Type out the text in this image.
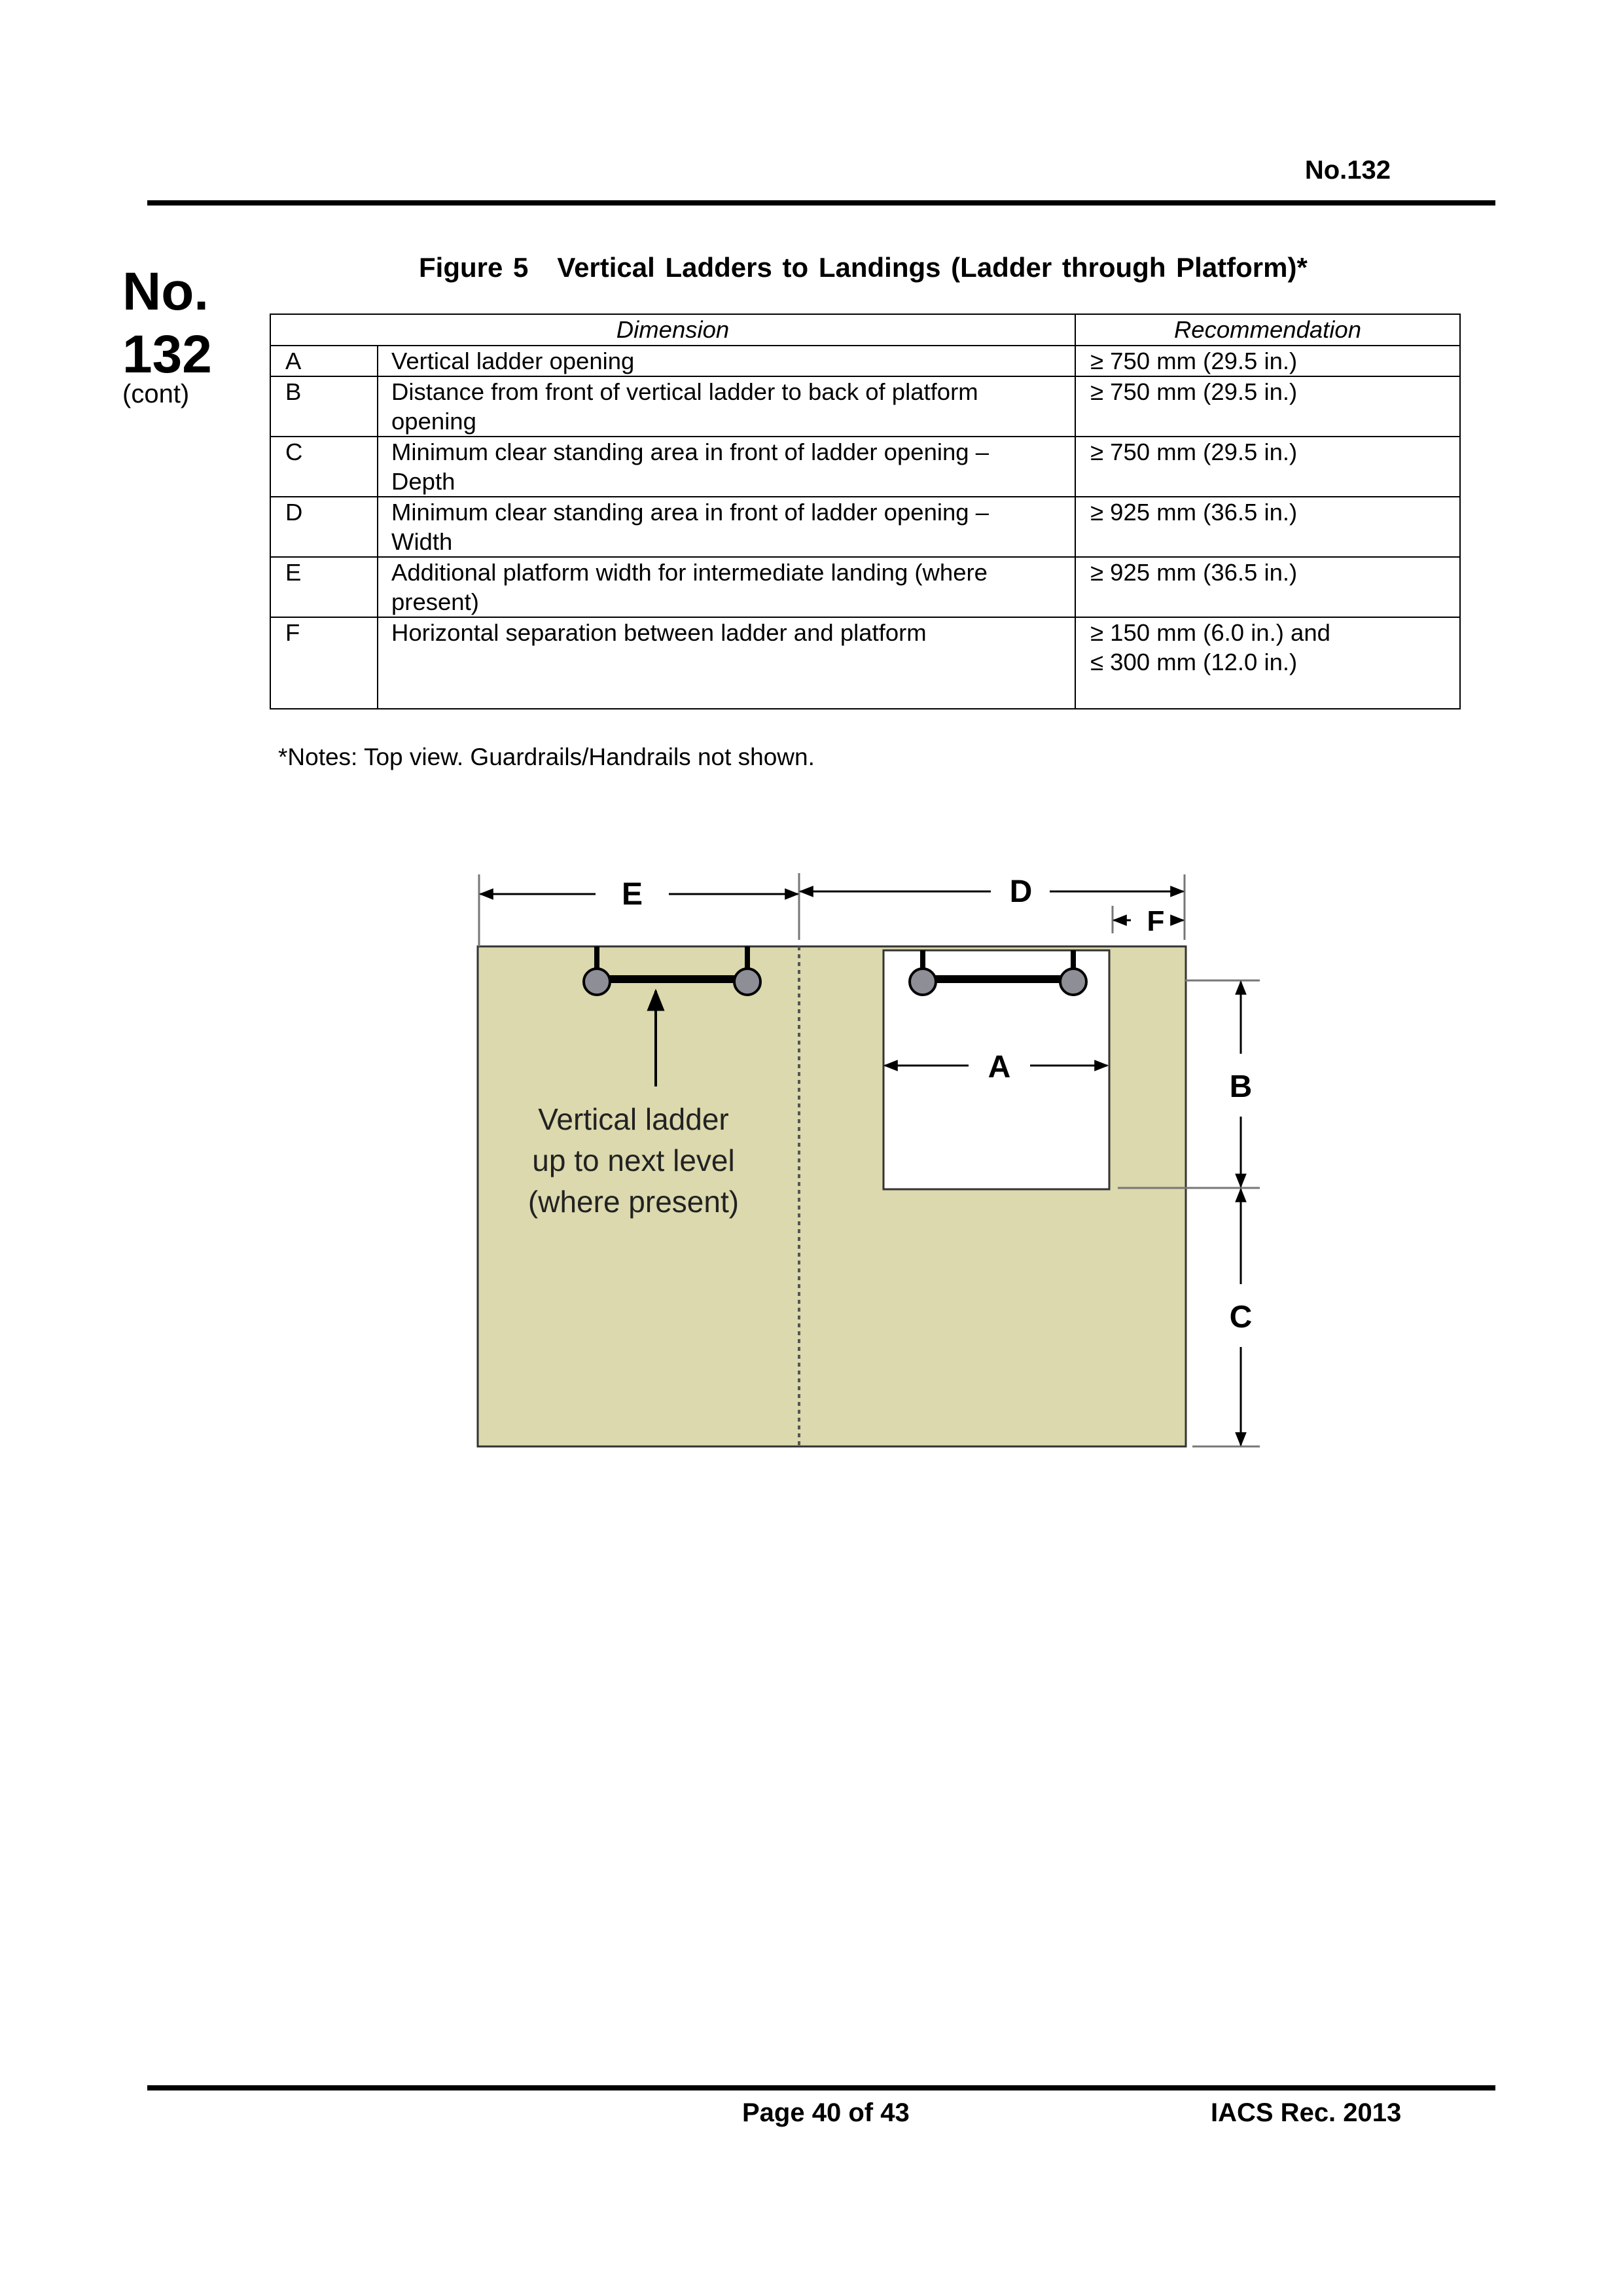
No.132
No.
132
(cont)
Figure 5 Vertical Ladders to Landings (Ladder through Platform)*
Dimension		Recommendation
A	Vertical ladder opening	≥ 750 mm (29.5 in.)

B	Distance from front of vertical ladder to back of platform opening	≥ 750 mm (29.5 in.)

C	Minimum clear standing area in front of ladder opening – Depth	≥ 750 mm (29.5 in.)

D	Minimum clear standing area in front of ladder opening – Width	≥ 925 mm (36.5 in.)

E	Additional platform width for intermediate landing (where present)	≥ 925 mm (36.5 in.)

F	Horizontal separation between ladder and platform	≥ 150 mm (6.0 in.) and
≤ 300 mm (12.0 in.)
*Notes: Top view. Guardrails/Handrails not shown.
Vertical ladder
up to next level
(where present)
E	D
F
A
B
C
Page 40 of 43	IACS Rec. 2013
